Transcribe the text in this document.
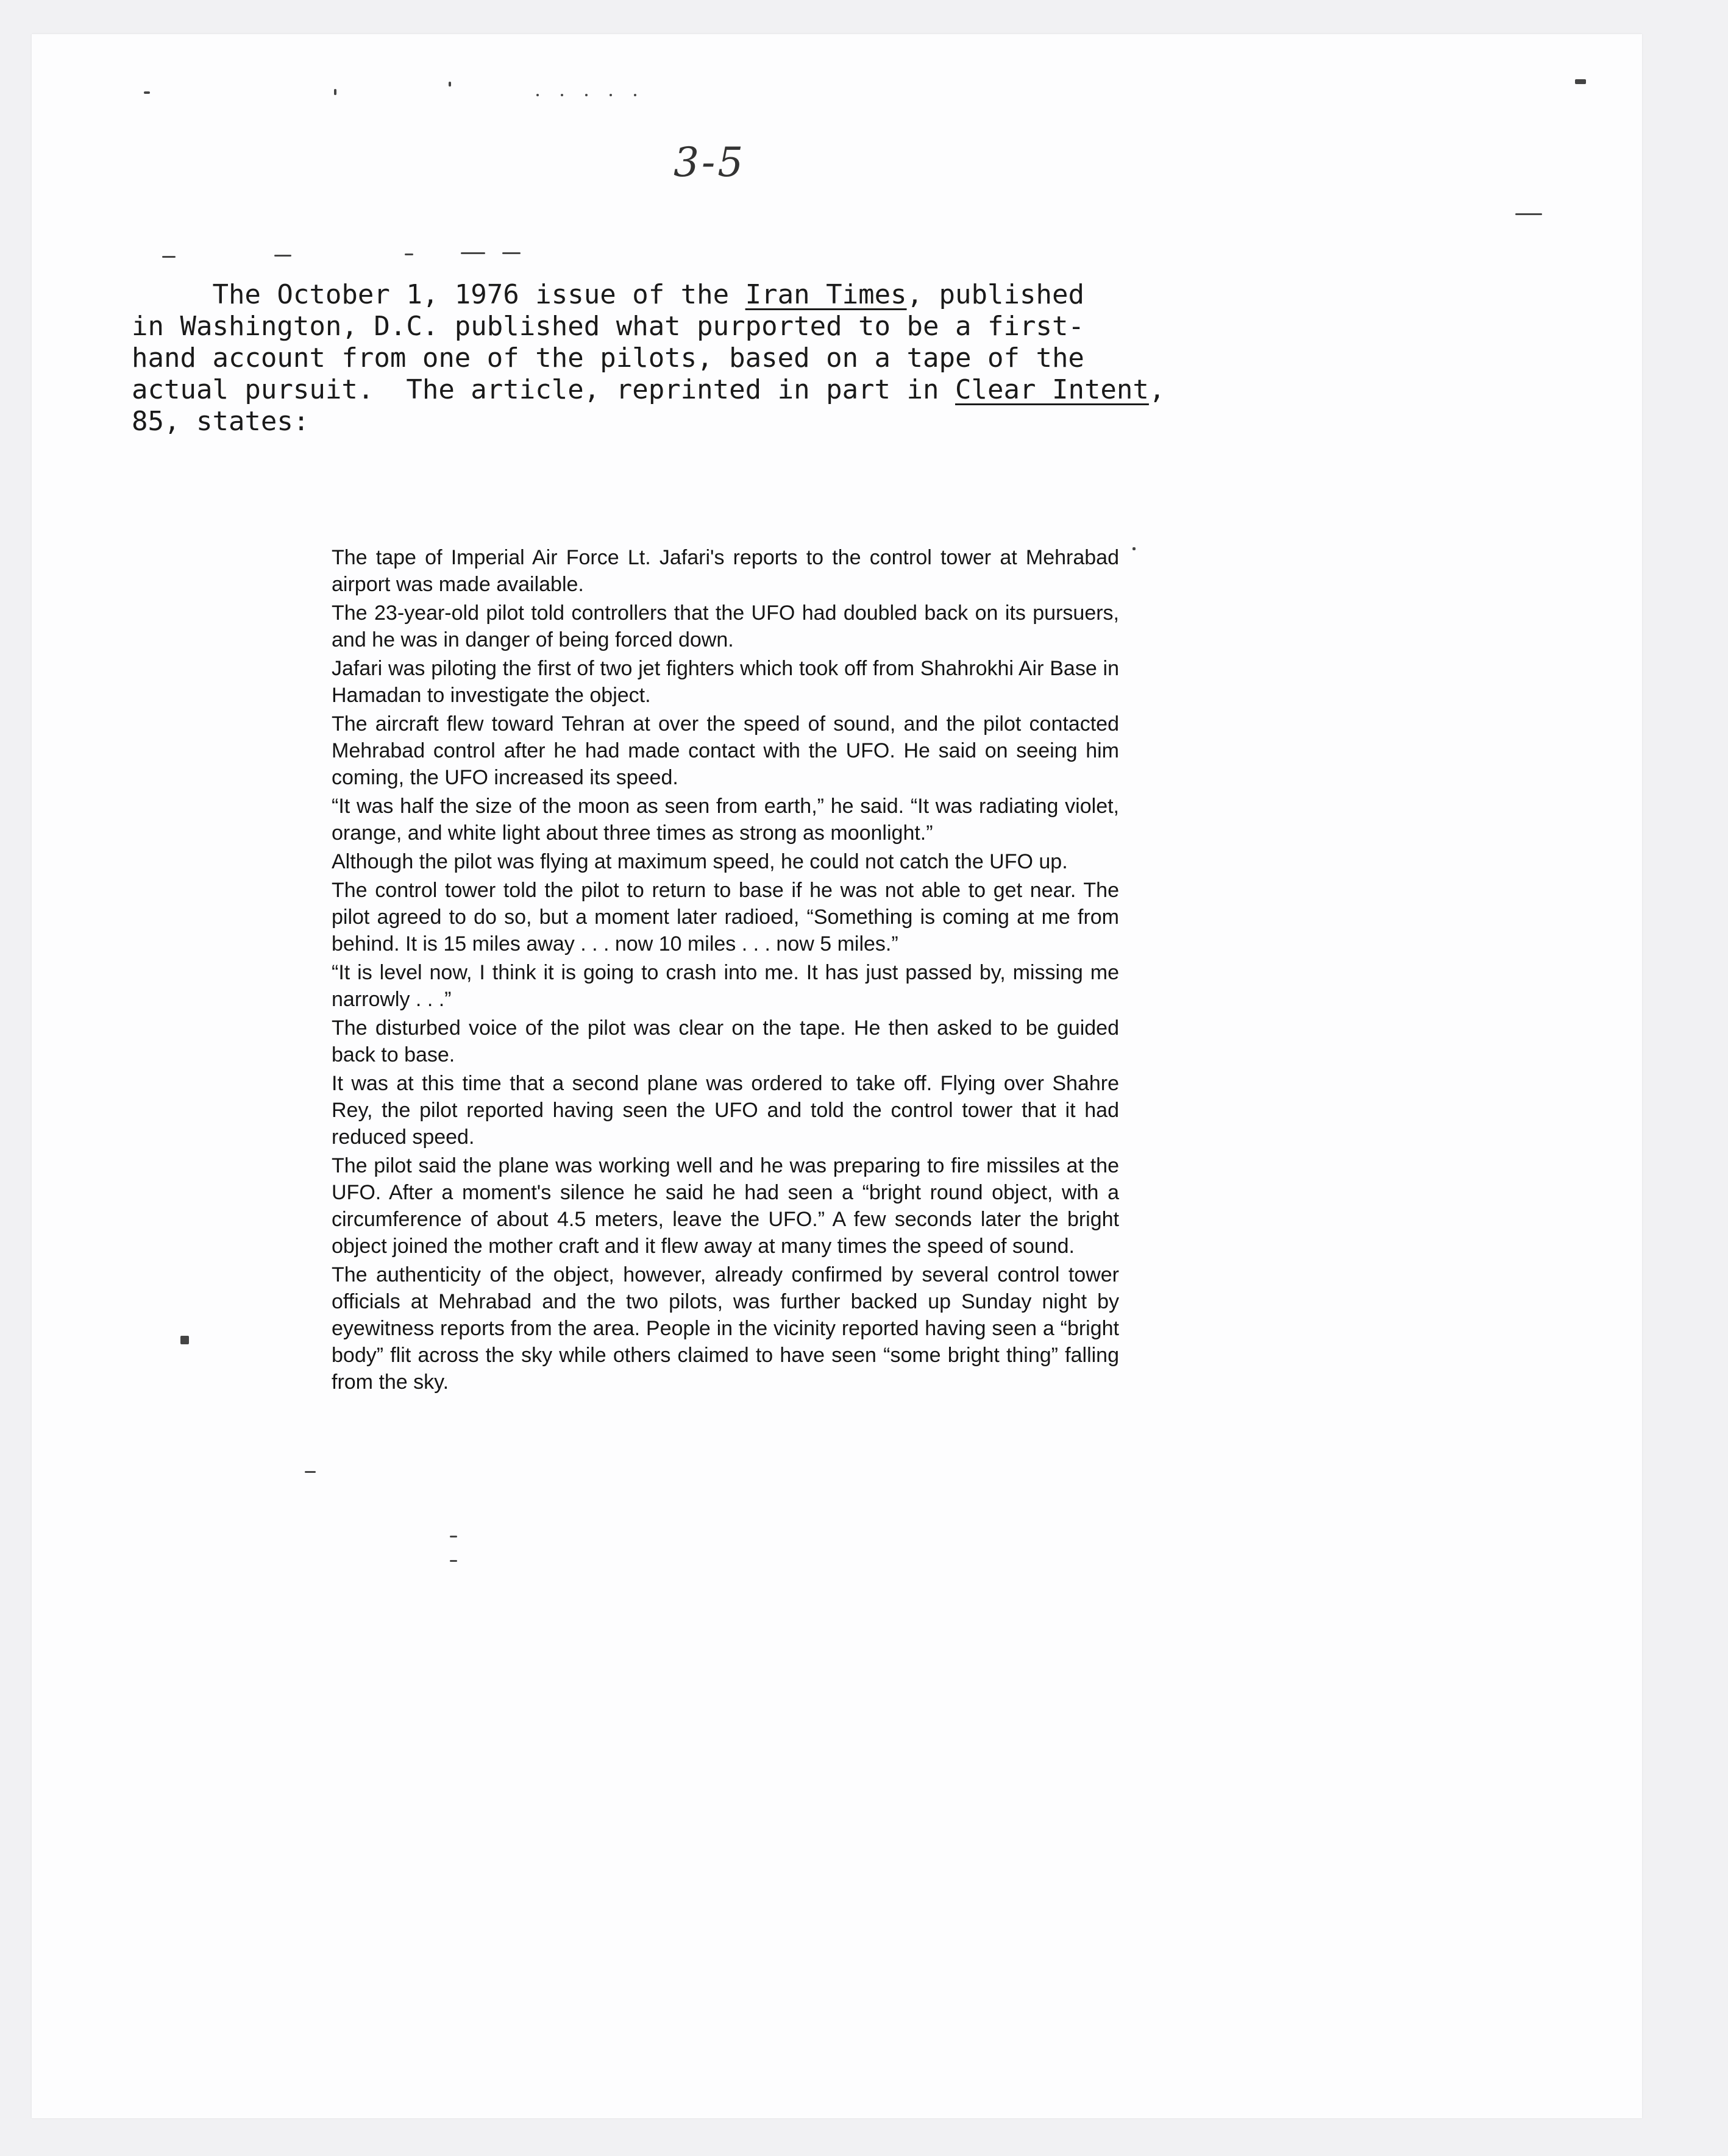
3-5
The October 1, 1976 issue of the Iran Times, published
in Washington, D.C. published what purported to be a first-
hand account from one of the pilots, based on a tape of the
actual pursuit.  The article, reprinted in part in Clear Intent,
85, states:

The tape of Imperial Air Force Lt. Jafari's reports to the control tower at Mehrabad airport was made available.

The 23-year-old pilot told controllers that the UFO had doubled back on its pursuers, and he was in danger of being forced down.

Jafari was piloting the first of two jet fighters which took off from Shahrokhi Air Base in Hamadan to investigate the object.

The aircraft flew toward Tehran at over the speed of sound, and the pilot contacted Mehrabad control after he had made contact with the UFO. He said on seeing him coming, the UFO increased its speed.

“It was half the size of the moon as seen from earth,” he said. “It was radiating violet, orange, and white light about three times as strong as moonlight.”

Although the pilot was flying at maximum speed, he could not catch the UFO up.

The control tower told the pilot to return to base if he was not able to get near. The pilot agreed to do so, but a moment later radioed, “Something is coming at me from behind. It is 15 miles away . . . now 10 miles . . . now 5 miles.”

“It is level now, I think it is going to crash into me. It has just passed by, missing me narrowly . . .”

The disturbed voice of the pilot was clear on the tape. He then asked to be guided back to base.

It was at this time that a second plane was ordered to take off. Flying over Shahre Rey, the pilot reported having seen the UFO and told the control tower that it had reduced speed.

The pilot said the plane was working well and he was preparing to fire missiles at the UFO. After a moment's silence he said he had seen a “bright round object, with a circumference of about 4.5 meters, leave the UFO.” A few seconds later the bright object joined the mother craft and it flew away at many times the speed of sound.

The authenticity of the object, however, already confirmed by several control tower officials at Mehrabad and the two pilots, was further backed up Sunday night by eyewitness reports from the area. People in the vicinity reported having seen a “bright body” flit across the sky while others claimed to have seen “some bright thing” falling from the sky.
